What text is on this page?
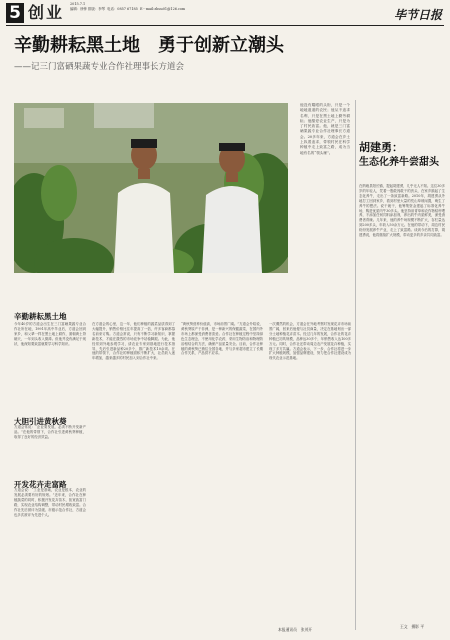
5 创业 2015.7.1
编辑：徐钟 排版：李琴 电话：0857 67185 E－mail:zhuu01@126.com	毕节日报
辛勤耕耘黑土地　勇于创新立潮头
——记三门富硒果蔬专业合作社理事长方道会
他没有耀眼的头衔，只是一个地地道道的农民；他从不追求名利，只是在黑土地上勤劳耕耘；他酷爱农业生产，只是为了村民致富。他，就是三门富硒果蔬专业合作社理事长方道会。20多年来，方道会在乡土上执着追求，带领村民在科学种植中走上致富之路，成为当地有名的“领头雁”。	胡建勇：
生态化养牛尝甜头
在纳雍县阳长镇，提起胡建勇，几乎无人不知。这位30多岁的年轻人，凭着一股敢闯敢干的劲头，在家乡搞起了生态化养牛，走出了一条致富新路。2010年，胡建勇从外地打工回到家乡，看到村里大量的荒山草坡闲置，萌生了养牛的想法。说干就干，他筹集资金建起了标准化养牛场，购进优质肉牛30多头。他坚持用青草和农作物秸秆喂养，不添加任何饲料添加剂，养出的牛肉质鲜美，深受消费者青睐。几年来，他的养牛场规模不断扩大，存栏量达到200多头，年收入50余万元。在他的带动下，周边村民纷纷发展养牛产业，走上了致富路。谈到今后的打算，胡建勇说，他将继续扩大规模，带动更多的乡亲共同致富。
王文　摄影 平
辛勤耕耘黑土地
今年40岁的方道会出生在三门富硒果蔬专业合作社所在地，1991年高中毕业后，方道会回到家乡，和父辈一样在黑土地上耕作，面朝黄土背朝天，一年到头收入微薄。但他并没有满足于现状，他深知要致富就要学习科学知识。
大胆引进黄秋葵
方道会常说：“企业要发展，必须不断开发新产品。”在他的带领下，合作社引进黄秋葵种植，取得了良好的经济效益。
开发花卉走富路
方道会说：“工业是基础，农业是根本，农业的发展必须要有好的规划。”近年来，合作社在种植蔬菜的同时，积极开发花卉苗木，拓宽致富门路，实现农业结构调整，带动村民增收致富。合作社先后被评为县级、市级示范合作社，方道会也多次被评为先进个人。
在方道会的心里，这一年，他们种植的蔬菜品质得到了大幅提升，销售价格比往年提高了一倍，许多客商都慕名前来订购。方道会常说，只有不断学习新知识、掌握新技术，才能在激烈的市场竞争中站稳脚跟。为此，他经常到外地参观学习，请农业专家到基地进行技术指导，先后引进新品种20多个，推广新技术10余项。在他的带领下，合作社的种植面积不断扩大，社员收入逐年增加，越来越多的村民加入到合作社中来。
“黄秋葵营养价值高，市场前景广阔。”方道会介绍说，黄秋葵原产于非洲，是一种新兴的保健蔬菜，在国内外市场上都深受消费者喜爱。合作社在种植过程中坚持绿色生态理念，不使用化学农药，采用生物防治和物理防治相结合的方法，确保产品质量安全。目前，合作社种植的黄秋葵已销往全国各地，并与多家超市建立了长期合作关系，产品供不应求。
一次偶然的机会，方道会在外地考察时发现花卉市场前景广阔，回来后他便与社员商量，决定在基地划出一部分土地种植花卉苗木。经过几年的发展，合作社的花卉种植已初具规模，品种达30多个，年销售收入达100多万元。同时，合作社还带动周边农户发展花卉种植，实现了多方共赢。方道会表示，下一步，合作社将进一步扩大种植规模，加强品牌建设，努力把合作社建设成为现代农业示范基地。
本报通讯员　张茂开
